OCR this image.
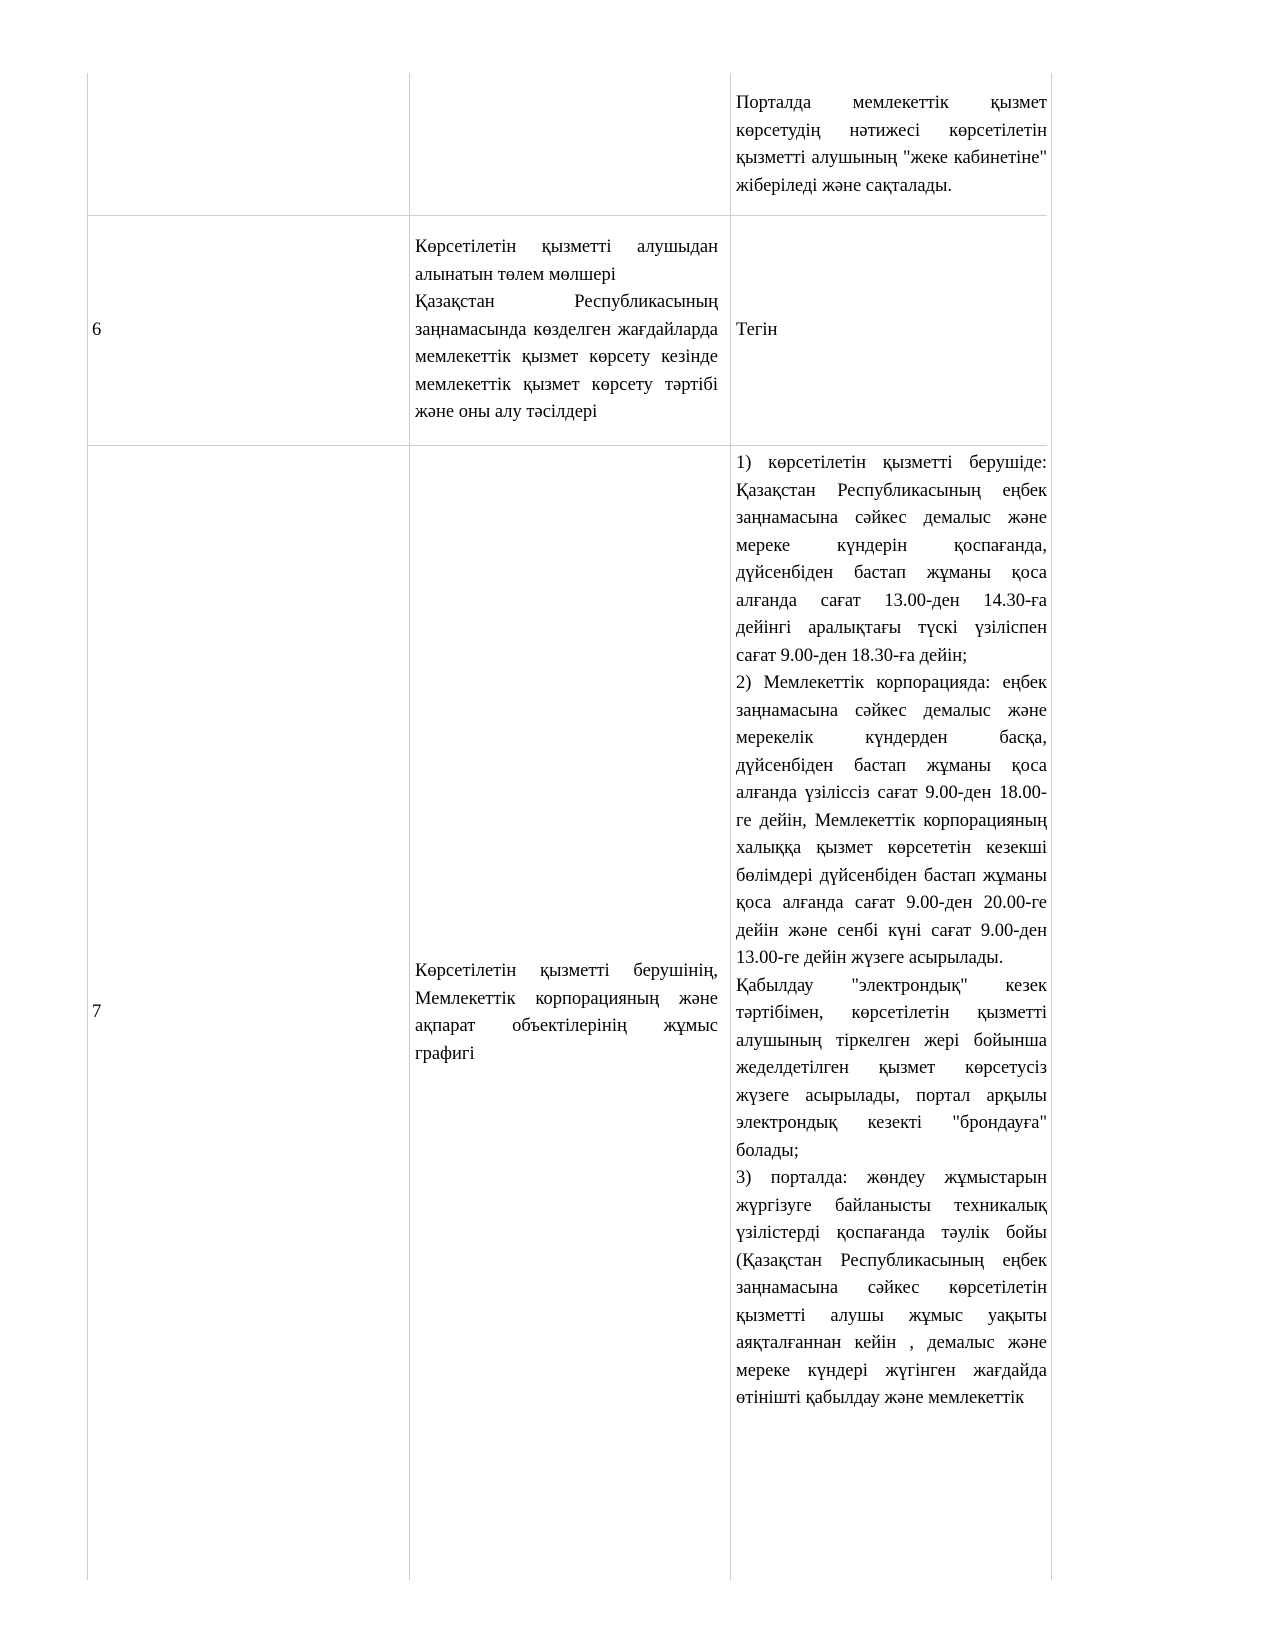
Порталда мемлекеттік қызмет көрсетудің нәтижесі көрсетілетін қызметті алушының "жеке кабинетіне" жіберіледі және сақталады.
6
Көрсетілетін қызметті алушыдан алынатын төлем мөлшері
Қазақстан Республикасының заңнамасында көзделген жағдайларда мемлекеттік қызмет көрсету кезінде мемлекеттік қызмет көрсету тәртібі және оны алу тәсілдері
Тегін
7
Көрсетілетін қызметті берушінің, Мемлекеттік корпорацияның және ақпарат объектілерінің жұмыс графигі
1) көрсетілетін қызметті берушіде: Қазақстан Республикасының еңбек заңнамасына сәйкес демалыс және мереке күндерін қоспағанда, дүйсенбіден бастап жұманы қоса алғанда сағат 13.00-ден 14.30-ға дейінгі аралықтағы түскі үзіліспен сағат 9.00-ден 18.30-ға дейін;
2) Мемлекеттік корпорацияда: еңбек заңнамасына сәйкес демалыс және мерекелік күндерден басқа, дүйсенбіден бастап жұманы қоса алғанда үзіліссіз сағат 9.00-ден 18.00-ге дейін, Мемлекеттік корпорацияның халыққа қызмет көрсететін кезекші бөлімдері дүйсенбіден бастап жұманы қоса алғанда сағат 9.00-ден 20.00-ге дейін және сенбі күні сағат 9.00-ден 13.00-ге дейін жүзеге асырылады.
Қабылдау "электрондық" кезек тәртібімен, көрсетілетін қызметті алушының тіркелген жері бойынша жеделдетілген қызмет көрсетусіз жүзеге асырылады, портал арқылы электрондық кезекті "брондауға" болады;
3) порталда: жөндеу жұмыстарын жүргізуге байланысты техникалық үзілістерді қоспағанда тәулік бойы (Қазақстан Республикасының еңбек заңнамасына сәйкес көрсетілетін қызметті алушы жұмыс уақыты аяқталғаннан кейін , демалыс және мереке күндері жүгінген жағдайда өтінішті қабылдау және мемлекеттік
